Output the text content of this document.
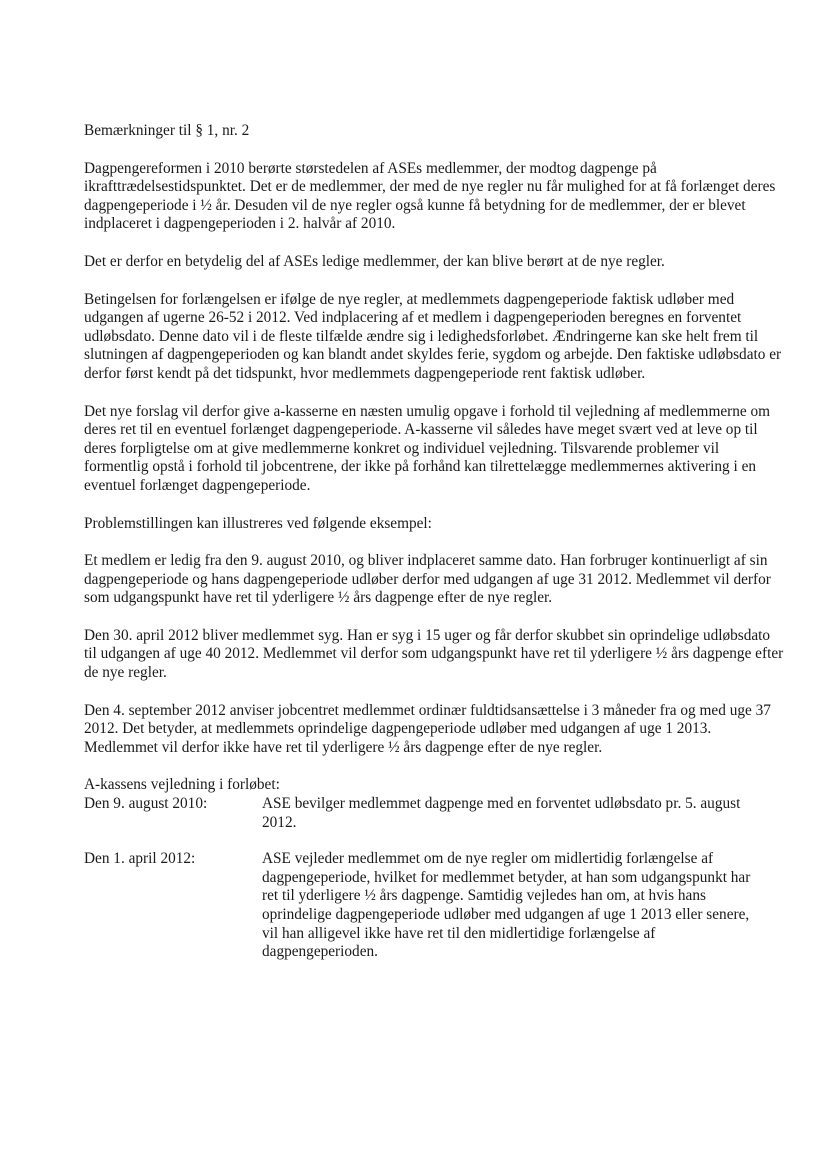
Bemærkninger til § 1, nr. 2

Dagpengereformen i 2010 berørte størstedelen af ASEs medlemmer, der modtog dagpenge på ikrafttrædelsestidspunktet. Det er de medlemmer, der med de nye regler nu får mulighed for at få forlænget deres dagpengeperiode i ½ år. Desuden vil de nye regler også kunne få betydning for de medlemmer, der er blevet indplaceret i dagpengeperioden i 2. halvår af 2010.

Det er derfor en betydelig del af ASEs ledige medlemmer, der kan blive berørt at de nye regler.

Betingelsen for forlængelsen er ifølge de nye regler, at medlemmets dagpengeperiode faktisk udløber med udgangen af ugerne 26-52 i 2012. Ved indplacering af et medlem i dagpengeperioden beregnes en forventet udløbsdato. Denne dato vil i de fleste tilfælde ændre sig i ledighedsforløbet. Ændringerne kan ske helt frem til slutningen af dagpengeperioden og kan blandt andet skyldes ferie, sygdom og arbejde. Den faktiske udløbsdato er derfor først kendt på det tidspunkt, hvor medlemmets dagpengeperiode rent faktisk udløber.

Det nye forslag vil derfor give a-kasserne en næsten umulig opgave i forhold til vejledning af medlemmerne om deres ret til en eventuel forlænget dagpengeperiode. A-kasserne vil således have meget svært ved at leve op til deres forpligtelse om at give medlemmerne konkret og individuel vejledning. Tilsvarende problemer vil formentlig opstå i forhold til jobcentrene, der ikke på forhånd kan tilrettelægge medlemmernes aktivering i en eventuel forlænget dagpengeperiode.

Problemstillingen kan illustreres ved følgende eksempel:

Et medlem er ledig fra den 9. august 2010, og bliver indplaceret samme dato. Han forbruger kontinuerligt af sin dagpengeperiode og hans dagpengeperiode udløber derfor med udgangen af uge 31 2012. Medlemmet vil derfor som udgangspunkt have ret til yderligere ½ års dagpenge efter de nye regler.

Den 30. april 2012 bliver medlemmet syg. Han er syg i 15 uger og får derfor skubbet sin oprindelige udløbsdato til udgangen af uge 40 2012. Medlemmet vil derfor som udgangspunkt have ret til yderligere ½ års dagpenge efter de nye regler.

Den 4. september 2012 anviser jobcentret medlemmet ordinær fuldtidsansættelse i 3 måneder fra og med uge 37 2012. Det betyder, at medlemmets oprindelige dagpengeperiode udløber med udgangen af uge 1 2013. Medlemmet vil derfor ikke have ret til yderligere ½ års dagpenge efter de nye regler.

A-kassens vejledning i forløbet:

Den 9. august 2010:	ASE bevilger medlemmet dagpenge med en forventet udløbsdato pr. 5. august 2012.
Den 1. april 2012:	ASE vejleder medlemmet om de nye regler om midlertidig forlængelse af dagpengeperiode, hvilket for medlemmet betyder, at han som udgangspunkt har ret til yderligere ½ års dagpenge. Samtidig vejledes han om, at hvis hans oprindelige dagpengeperiode udløber med udgangen af uge 1 2013 eller senere, vil han alligevel ikke have ret til den midlertidige forlængelse af dagpengeperioden.
